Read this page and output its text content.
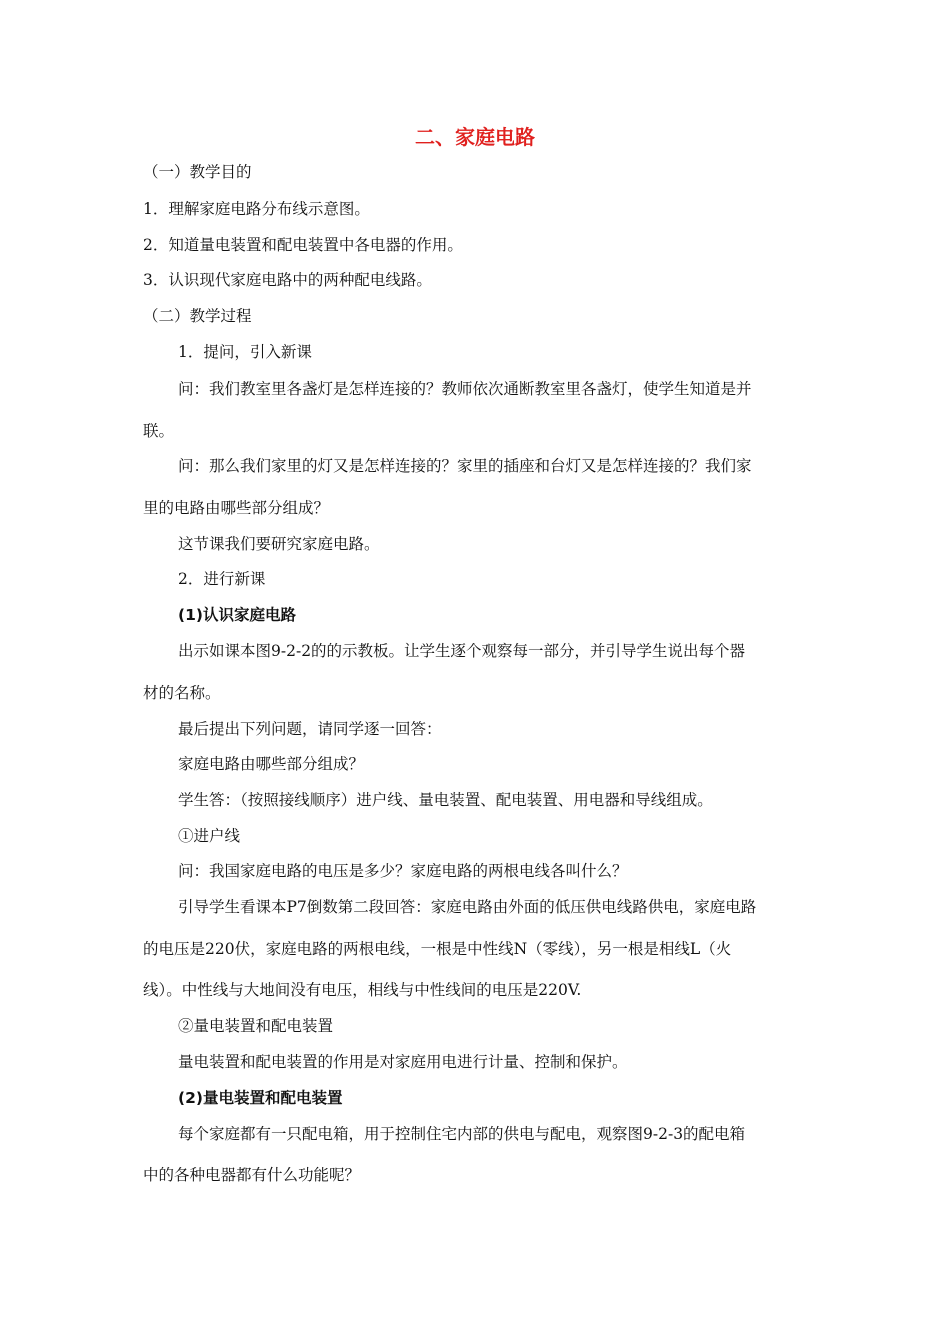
二、家庭电路
（一）教学目的
1．理解家庭电路分布线示意图。
2．知道量电装置和配电装置中各电器的作用。
3．认识现代家庭电路中的两种配电线路。
（二）教学过程
1．提问，引入新课
问：我们教室里各盏灯是怎样连接的？教师依次通断教室里各盏灯，使学生知道是并
联。
问：那么我们家里的灯又是怎样连接的？家里的插座和台灯又是怎样连接的？我们家
里的电路由哪些部分组成？
这节课我们要研究家庭电路。
2．进行新课
(1)认识家庭电路
出示如课本图9-2-2的的示教板。让学生逐个观察每一部分，并引导学生说出每个器
材的名称。
最后提出下列问题，请同学逐一回答：
家庭电路由哪些部分组成？
学生答：（按照接线顺序）进户线、量电装置、配电装置、用电器和导线组成。
①进户线
问：我国家庭电路的电压是多少？家庭电路的两根电线各叫什么？
引导学生看课本P7倒数第二段回答：家庭电路由外面的低压供电线路供电，家庭电路
的电压是220伏，家庭电路的两根电线，一根是中性线N（零线），另一根是相线L（火
线）。中性线与大地间没有电压，相线与中性线间的电压是220V.
②量电装置和配电装置
量电装置和配电装置的作用是对家庭用电进行计量、控制和保护。
(2)量电装置和配电装置
每个家庭都有一只配电箱，用于控制住宅内部的供电与配电，观察图9-2-3的配电箱
中的各种电器都有什么功能呢？
